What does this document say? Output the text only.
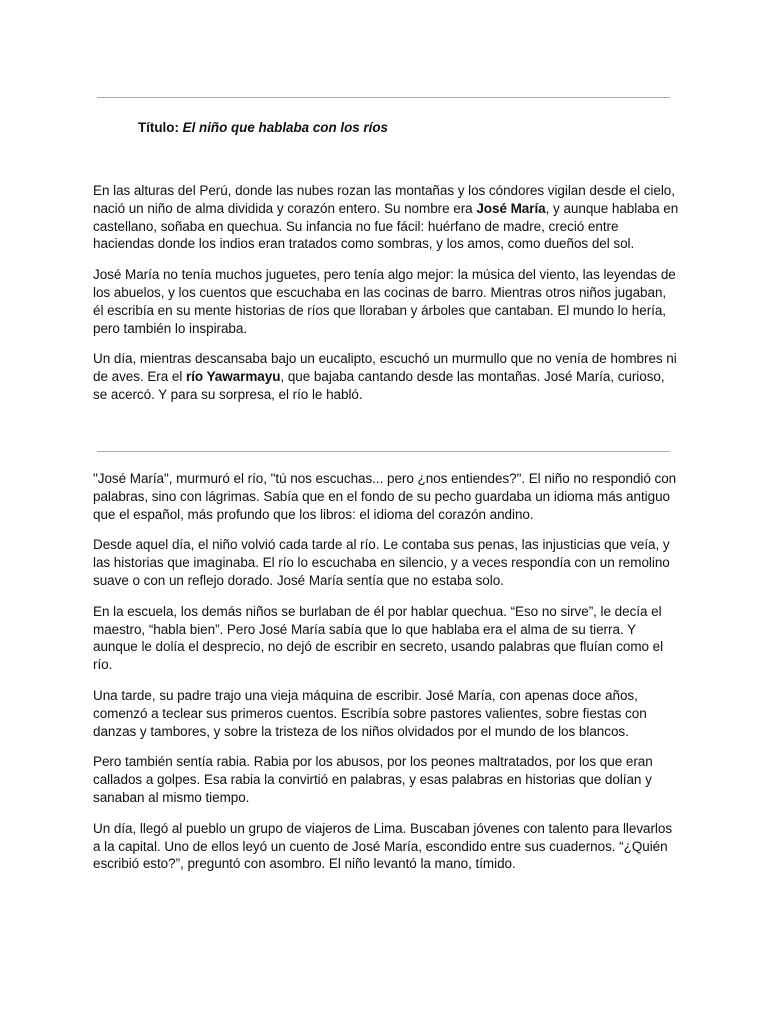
Título: El niño que hablaba con los ríos

En las alturas del Perú, donde las nubes rozan las montañas y los cóndores vigilan desde el cielo, nació un niño de alma dividida y corazón entero. Su nombre era José María, y aunque hablaba en castellano, soñaba en quechua. Su infancia no fue fácil: huérfano de madre, creció entre haciendas donde los indios eran tratados como sombras, y los amos, como dueños del sol.

José María no tenía muchos juguetes, pero tenía algo mejor: la música del viento, las leyendas de los abuelos, y los cuentos que escuchaba en las cocinas de barro. Mientras otros niños jugaban, él escribía en su mente historias de ríos que lloraban y árboles que cantaban. El mundo lo hería, pero también lo inspiraba.

Un día, mientras descansaba bajo un eucalipto, escuchó un murmullo que no venía de hombres ni de aves. Era el río Yawarmayu, que bajaba cantando desde las montañas. José María, curioso, se acercó. Y para su sorpresa, el río le habló.

"José María", murmuró el río, "tú nos escuchas... pero ¿nos entiendes?". El niño no respondió con palabras, sino con lágrimas. Sabía que en el fondo de su pecho guardaba un idioma más antiguo que el español, más profundo que los libros: el idioma del corazón andino.

Desde aquel día, el niño volvió cada tarde al río. Le contaba sus penas, las injusticias que veía, y las historias que imaginaba. El río lo escuchaba en silencio, y a veces respondía con un remolino suave o con un reflejo dorado. José María sentía que no estaba solo.

En la escuela, los demás niños se burlaban de él por hablar quechua. “Eso no sirve”, le decía el maestro, “habla bien”. Pero José María sabía que lo que hablaba era el alma de su tierra. Y aunque le dolía el desprecio, no dejó de escribir en secreto, usando palabras que fluían como el río.

Una tarde, su padre trajo una vieja máquina de escribir. José María, con apenas doce años, comenzó a teclear sus primeros cuentos. Escribía sobre pastores valientes, sobre fiestas con danzas y tambores, y sobre la tristeza de los niños olvidados por el mundo de los blancos.

Pero también sentía rabia. Rabia por los abusos, por los peones maltratados, por los que eran callados a golpes. Esa rabia la convirtió en palabras, y esas palabras en historias que dolían y sanaban al mismo tiempo.

Un día, llegó al pueblo un grupo de viajeros de Lima. Buscaban jóvenes con talento para llevarlos a la capital. Uno de ellos leyó un cuento de José María, escondido entre sus cuadernos. “¿Quién escribió esto?”, preguntó con asombro. El niño levantó la mano, tímido.
